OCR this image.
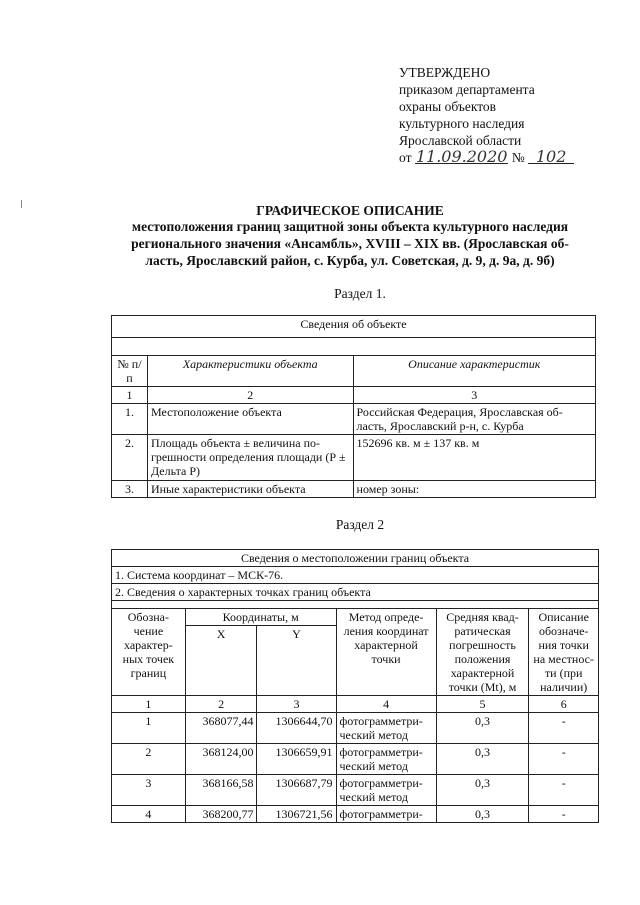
УТВЕРЖДЕНО
приказом департамента
охраны объектов
культурного наследия
Ярославской области
от 11.09.2020 № 102
ГРАФИЧЕСКОЕ ОПИСАНИЕ
местоположения границ защитной зоны объекта культурного наследия
регионального значения «Ансамбль», XVIII – XIX вв. (Ярославская об-
ласть, Ярославский район, с. Курба, ул. Советская, д. 9, д. 9а, д. 9б)
Раздел 1.
Сведения об объекте		

№ п/п	Характеристики объекта	Описание характеристик
1	2	3
1.	Местоположение объекта	Российская Федерация, Ярославская об-ласть, Ярославский р-н, с. Курба
2.	Площадь объекта ± величина по-грешности определения площади (Р ± Дельта Р)	152696 кв. м ± 137 кв. м
3.	Иные характеристики объекта	номер зоны:
Раздел 2
Сведения о местоположении границ объекта					
1. Система координат – МСК-76.					
2. Сведения о характерных точках границ объекта					

Обозна-чение характер-ных точек границ	Координаты, м		Метод опреде-ления координат характерной точки	Средняя квад-ратическая погрешность положения характерной точки (Mt), м	Описание обозначе-ния точки на местнос-ти (при наличии)
	X	Y			
1	2	3	4	5	6
1	368077,44	1306644,70	фотограмметри-ческий метод	0,3	-
2	368124,00	1306659,91	фотограмметри-ческий метод	0,3	-
3	368166,58	1306687,79	фотограмметри-ческий метод	0,3	-
4	368200,77	1306721,56	фотограмметри-	0,3	-
